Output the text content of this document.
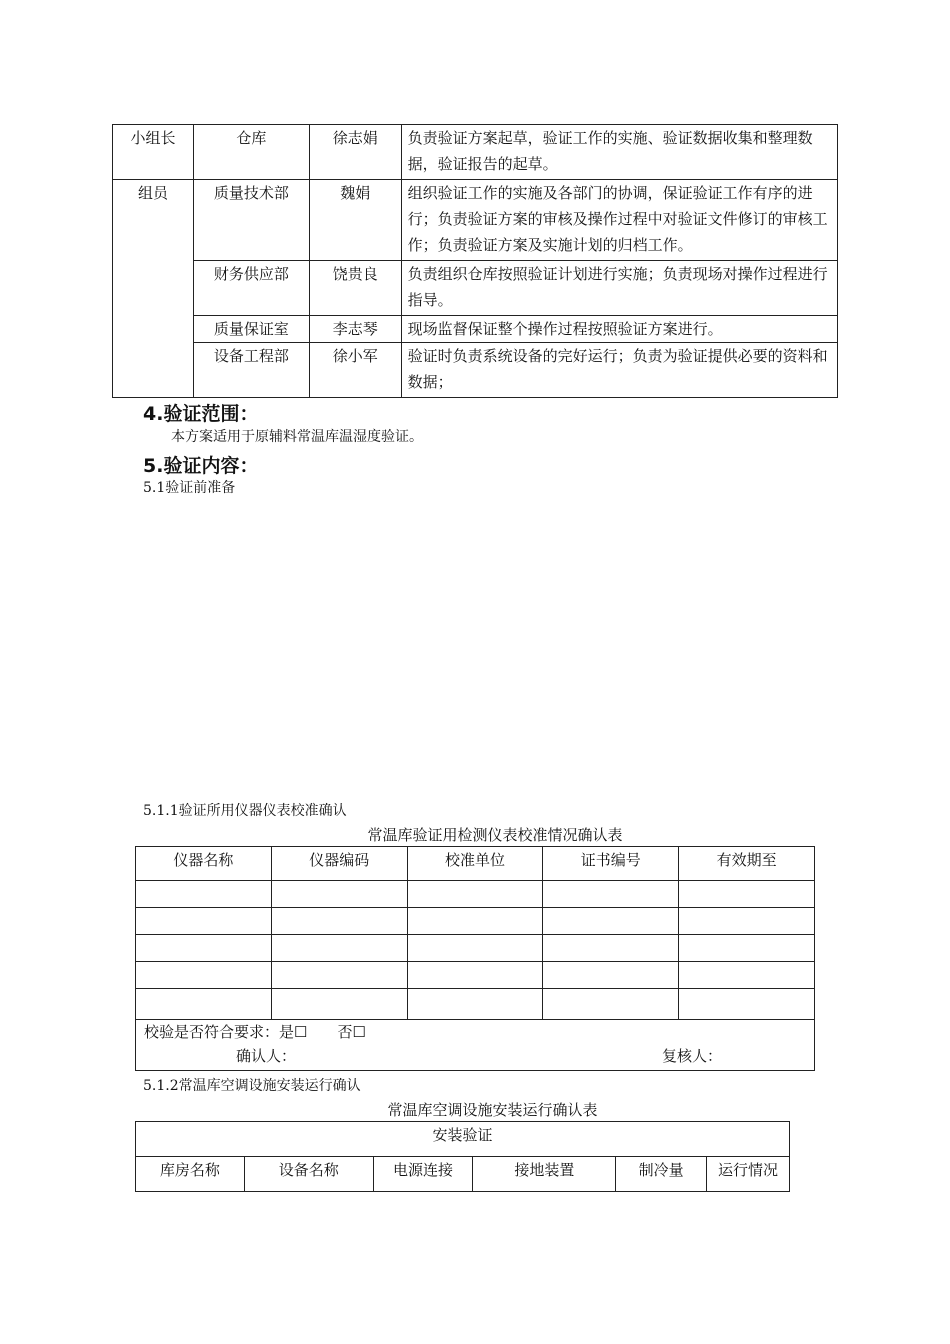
小组长	仓库	徐志娟	负责验证方案起草，验证工作的实施、验证数据收集和整理数据，验证报告的起草。
组员	质量技术部	魏娟	组织验证工作的实施及各部门的协调，保证验证工作有序的进行；负责验证方案的审核及操作过程中对验证文件修订的审核工作；负责验证方案及实施计划的归档工作。
	财务供应部	饶贵良	负责组织仓库按照验证计划进行实施；负责现场对操作过程进行指导。
	质量保证室	李志琴	现场监督保证整个操作过程按照验证方案进行。
	设备工程部	徐小军	验证时负责系统设备的完好运行；负责为验证提供必要的资料和数据；
4.验证范围：
本方案适用于原辅料常温库温湿度验证。
5.验证内容：
5.1验证前准备
5.1.1验证所用仪器仪表校准确认
常温库验证用检测仪表校准情况确认表
仪器名称	仪器编码	校准单位	证书编号	有效期至

校验是否符合要求：是☐　　否☐
确认人： 复核人：				
5.1.2常温库空调设施安装运行确认
常温库空调设施安装运行确认表
安装验证
库房名称	设备名称	电源连接	接地装置	制冷量	运行情况
